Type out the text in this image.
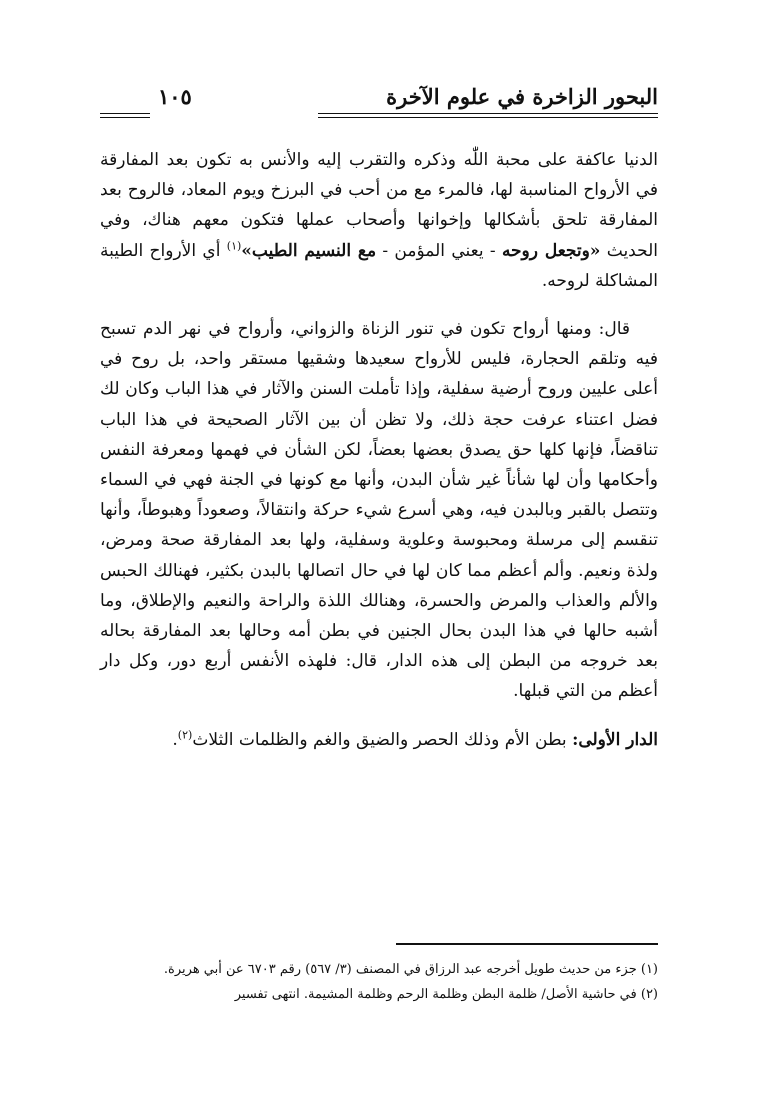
البحور الزاخرة في علوم الآخرة
١٠٥

الدنيا عاكفة على محبة اللّٰه وذكره والتقرب إليه والأنس به تكون بعد المفارقة في الأرواح المناسبة لها، فالمرء مع من أحب في البرزخ ويوم المعاد، فالروح بعد المفارقة تلحق بأشكالها وإخوانها وأصحاب عملها فتكون معهم هناك، وفي الحديث «وتجعل روحه - يعني المؤمن - مع النسيم الطيب»$^{(١)}$ أي الأرواح الطيبة المشاكلة لروحه.

قال: ومنها أرواح تكون في تنور الزناة والزواني، وأرواح في نهر الدم تسبح فيه وتلقم الحجارة، فليس للأرواح سعيدها وشقيها مستقر واحد، بل روح في أعلى عليين وروح أرضية سفلية، وإذا تأملت السنن والآثار في هذا الباب وكان لك فضل اعتناء عرفت حجة ذلك، ولا تظن أن بين الآثار الصحيحة في هذا الباب تناقضاً، فإنها كلها حق يصدق بعضها بعضاً، لكن الشأن في فهمها ومعرفة النفس وأحكامها وأن لها شأناً غير شأن البدن، وأنها مع كونها في الجنة فهي في السماء وتتصل بالقبر وبالبدن فيه، وهي أسرع شيء حركة وانتقالاً، وصعوداً وهبوطاً، وأنها تنقسم إلى مرسلة ومحبوسة وعلوية وسفلية، ولها بعد المفارقة صحة ومرض، ولذة ونعيم. وألم أعظم مما كان لها في حال اتصالها بالبدن بكثير، فهنالك الحبس والألم والعذاب والمرض والحسرة، وهنالك اللذة والراحة والنعيم والإطلاق، وما أشبه حالها في هذا البدن بحال الجنين في بطن أمه وحالها بعد المفارقة بحاله بعد خروجه من البطن إلى هذه الدار، قال: فلهذه الأنفس أربع دور، وكل دار أعظم من التي قبلها.

الدار الأولى: بطن الأم وذلك الحصر والضيق والغم والظلمات الثلاث$^{(٢)}$.

(١) جزء من حديث طويل أخرجه عبد الرزاق في المصنف (٣/ ٥٦٧) رقم ٦٧٠٣ عن أبي هريرة.
(٢) في حاشية الأصل/ ظلمة البطن وظلمة الرحم وظلمة المشيمة. انتهى تفسير
